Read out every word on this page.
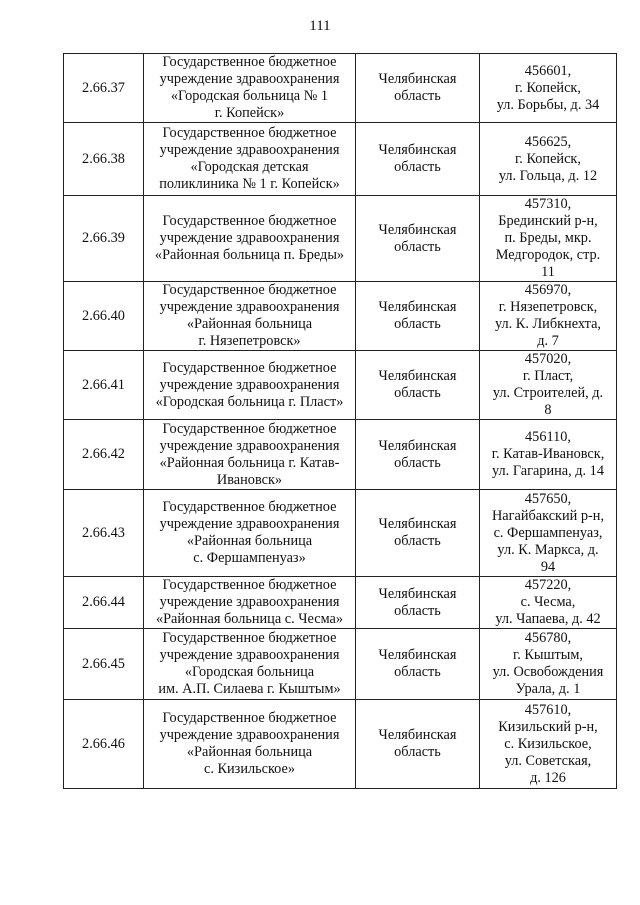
111
2.66.37	Государственное бюджетное
учреждение здравоохранения
«Городская больница № 1
г. Копейск»	Челябинская
область	456601,
г. Копейск,
ул. Борьбы, д. 34

2.66.38	Государственное бюджетное
учреждение здравоохранения
«Городская детская
поликлиника № 1 г. Копейск»	Челябинская
область	456625,
г. Копейск,
ул. Гольца, д. 12

2.66.39	Государственное бюджетное
учреждение здравоохранения
«Районная больница п. Бреды»	Челябинская
область	457310,
Брединский р-н,
п. Бреды, мкр.
Медгородок, стр.
11

2.66.40	Государственное бюджетное
учреждение здравоохранения
«Районная больница
г. Нязепетровск»	Челябинская
область	456970,
г. Нязепетровск,
ул. К. Либкнехта,
д. 7

2.66.41	Государственное бюджетное
учреждение здравоохранения
«Городская больница г. Пласт»	Челябинская
область	457020,
г. Пласт,
ул. Строителей, д.
8

2.66.42	Государственное бюджетное
учреждение здравоохранения
«Районная больница г. Катав-
Ивановск»	Челябинская
область	456110,
г. Катав-Ивановск,
ул. Гагарина, д. 14

2.66.43	Государственное бюджетное
учреждение здравоохранения
«Районная больница
с. Фершампенуаз»	Челябинская
область	457650,
Нагайбакский р-н,
с. Фершампенуаз,
ул. К. Маркса, д.
94

2.66.44	Государственное бюджетное
учреждение здравоохранения
«Районная больница с. Чесма»	Челябинская
область	457220,
с. Чесма,
ул. Чапаева, д. 42

2.66.45	Государственное бюджетное
учреждение здравоохранения
«Городская больница
им. А.П. Силаева г. Кыштым»	Челябинская
область	456780,
г. Кыштым,
ул. Освобождения
Урала, д. 1

2.66.46	Государственное бюджетное
учреждение здравоохранения
«Районная больница
с. Кизильское»	Челябинская
область	457610,
Кизильский р-н,
с. Кизильское,
ул. Советская,
д. 126
